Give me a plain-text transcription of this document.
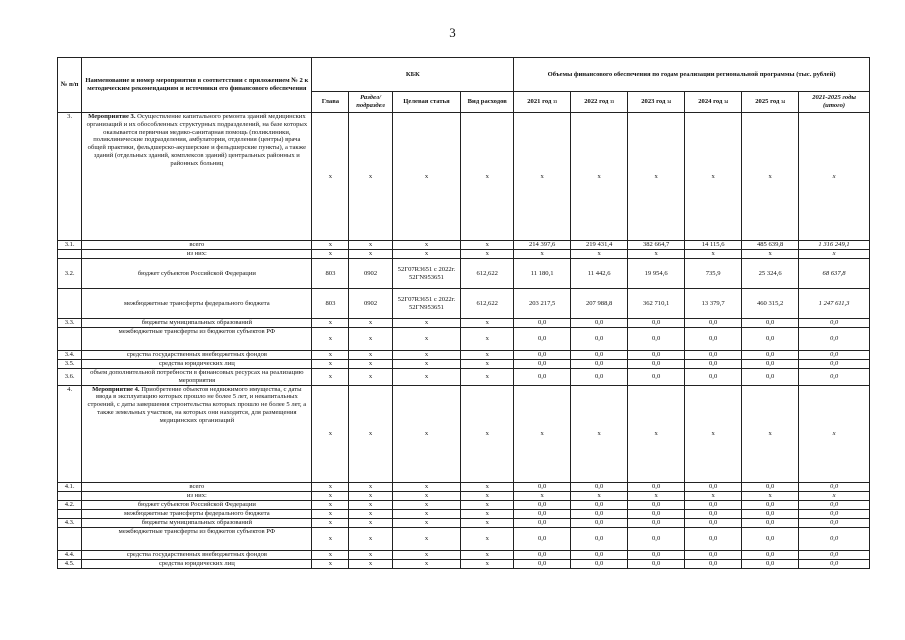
3
№ п/п	Наименование и номер мероприятия в соответствии с приложением № 2 к методическим рекомендациям и источники его финансового обеспечения	КБК				Объемы финансового обеспечения по годам реализации региональной программы (тыс. рублей)					
		Глава	Раздел/ подраздел	Целевая статья	Вид расходов	2021 год 33	2022 год 33	2023 год 34	2024 год 34	2025 год 34	2021-2025 годы (итого)
3.	Мероприятие 3. Осуществление капитального ремонта зданий медицинских организаций и их обособленных структурных подразделений, на базе которых оказывается первичная медико-санитарная помощь (поликлиники, поликлинические подразделения, амбулатории, отделения (центры) врача общей практики, фельдшерско-акушерские и фельдшерские пункты), а также зданий (отдельных зданий, комплексов зданий) центральных районных и районных больниц	x	x	x	x	x	x	x	x	x	x
3.1.	всего	x	x	x	x	214 397,6	219 431,4	382 664,7	14 115,6	485 639,8	1 316 249,1
	из них:	x	x	x	x	x	x	x	x	x	x
3.2.	бюджет субъектов Российской Федерации	803	0902	52Г07R3651 с 2022г. 52ГN953651	612,622	11 180,1	11 442,6	19 954,6	735,9	25 324,6	68 637,8
	межбюджетные трансферты федерального бюджета	803	0902	52Г07R3651 с 2022г. 52ГN953651	612,622	203 217,5	207 988,8	362 710,1	13 379,7	460 315,2	1 247 611,3
3.3.	бюджеты муниципальных образований	x	x	x	x	0,0	0,0	0,0	0,0	0,0	0,0
	межбюджетные трансферты из бюджетов субъектов РФ	x	x	x	x	0,0	0,0	0,0	0,0	0,0	0,0
3.4.	средства государственных внебюджетных фондов	x	x	x	x	0,0	0,0	0,0	0,0	0,0	0,0
3.5.	средства юридических лиц	x	x	x	x	0,0	0,0	0,0	0,0	0,0	0,0
3.6.	объем дополнительной потребности в финансовых ресурсах на реализацию мероприятия	x	x	x	x	0,0	0,0	0,0	0,0	0,0	0,0
4.	Мероприятие 4. Приобретение объектов недвижимого имущества, с даты ввода в эксплуатацию которых прошло не более 5 лет, и некапитальных строений, с даты завершения строительства которых прошло не более 5 лет, а также земельных участков, на которых они находятся, для размещения медицинских организаций	x	x	x	x	x	x	x	x	x	x
4.1.	всего	x	x	x	x	0,0	0,0	0,0	0,0	0,0	0,0
	из них:	x	x	x	x	x	x	x	x	x	x
4.2.	бюджет субъектов Российской Федерации	x	x	x	x	0,0	0,0	0,0	0,0	0,0	0,0
	межбюджетные трансферты федерального бюджета	x	x	x	x	0,0	0,0	0,0	0,0	0,0	0,0
4.3.	бюджеты муниципальных образований	x	x	x	x	0,0	0,0	0,0	0,0	0,0	0,0
	межбюджетные трансферты из бюджетов субъектов РФ	x	x	x	x	0,0	0,0	0,0	0,0	0,0	0,0
4.4.	средства государственных внебюджетных фондов	x	x	x	x	0,0	0,0	0,0	0,0	0,0	0,0
4.5.	средства юридических лиц	x	x	x	x	0,0	0,0	0,0	0,0	0,0	0,0
